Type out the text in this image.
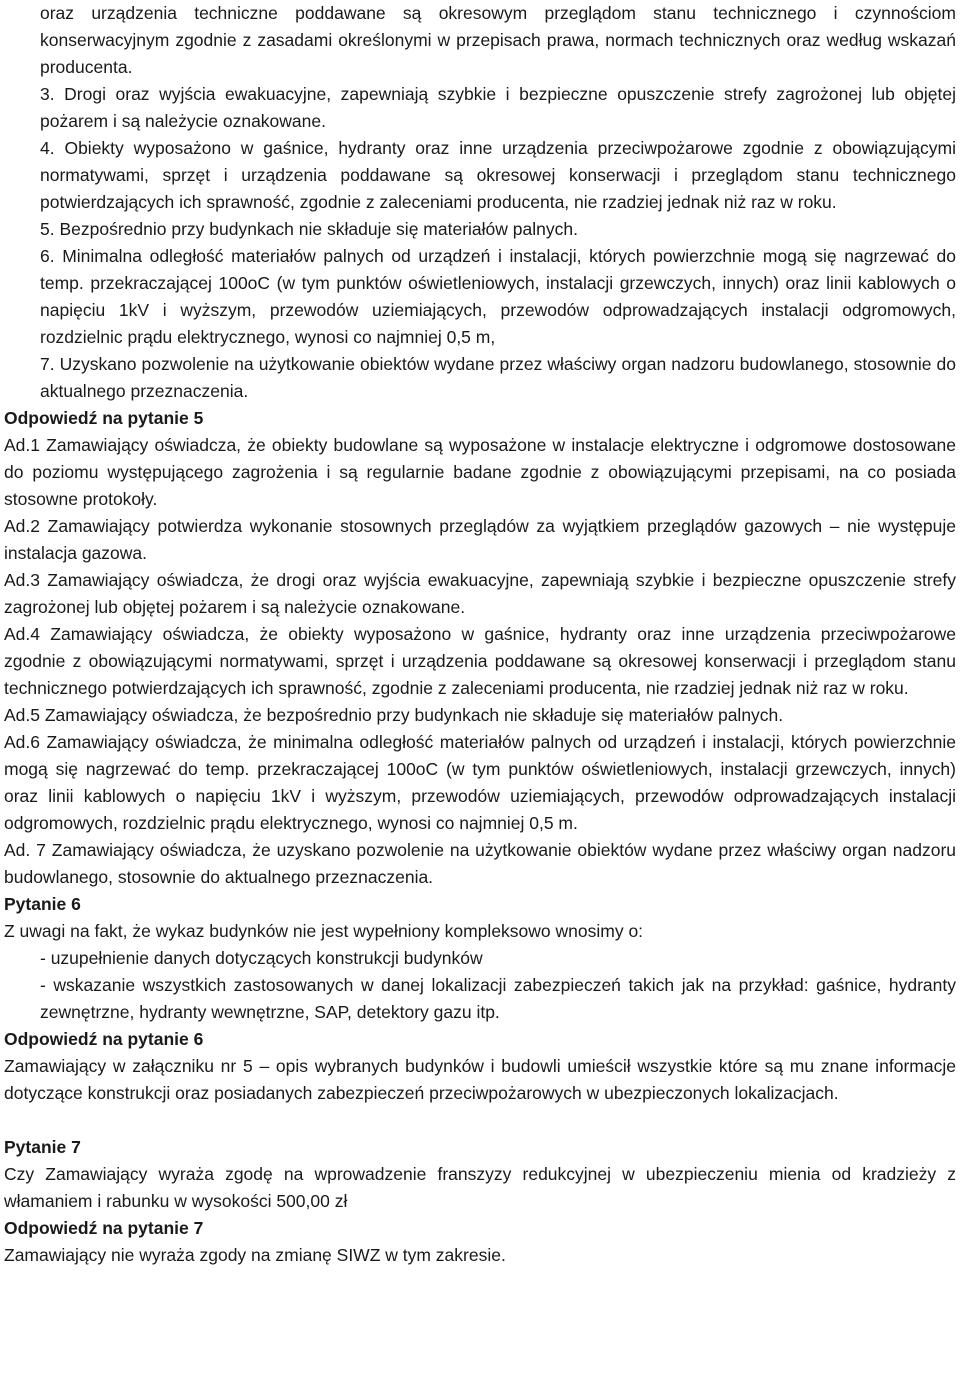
oraz urządzenia techniczne poddawane są okresowym przeglądom stanu technicznego i czynnościom konserwacyjnym zgodnie z zasadami określonymi w przepisach prawa, normach technicznych oraz według wskazań producenta.

3. Drogi oraz wyjścia ewakuacyjne, zapewniają szybkie i bezpieczne opuszczenie strefy zagrożonej lub objętej pożarem i są należycie oznakowane.

4. Obiekty wyposażono w gaśnice, hydranty oraz inne urządzenia przeciwpożarowe zgodnie z obowiązującymi normatywami, sprzęt i urządzenia poddawane są okresowej konserwacji i przeglądom stanu technicznego potwierdzających ich sprawność, zgodnie z zaleceniami producenta, nie rzadziej jednak niż raz w roku.

5. Bezpośrednio przy budynkach nie składuje się materiałów palnych.

6. Minimalna odległość materiałów palnych od urządzeń i instalacji, których powierzchnie mogą się nagrzewać do temp. przekraczającej 100oC (w tym punktów oświetleniowych, instalacji grzewczych, innych) oraz linii kablowych o napięciu 1kV i wyższym, przewodów uziemiających, przewodów odprowadzających instalacji odgromowych, rozdzielnic prądu elektrycznego, wynosi co najmniej 0,5 m,

7. Uzyskano pozwolenie na użytkowanie obiektów wydane przez właściwy organ nadzoru budowlanego, stosownie do aktualnego przeznaczenia.

Odpowiedź na pytanie 5

Ad.1 Zamawiający oświadcza, że obiekty budowlane są wyposażone w instalacje elektryczne i odgromowe dostosowane do poziomu występującego zagrożenia i są regularnie badane zgodnie z obowiązującymi przepisami, na co posiada stosowne protokoły.

Ad.2 Zamawiający potwierdza wykonanie stosownych przeglądów za wyjątkiem przeglądów gazowych – nie występuje instalacja gazowa.

Ad.3 Zamawiający oświadcza, że drogi oraz wyjścia ewakuacyjne, zapewniają szybkie i bezpieczne opuszczenie strefy zagrożonej lub objętej pożarem i są należycie oznakowane.

Ad.4 Zamawiający oświadcza, że obiekty wyposażono w gaśnice, hydranty oraz inne urządzenia przeciwpożarowe zgodnie z obowiązującymi normatywami, sprzęt i urządzenia poddawane są okresowej konserwacji i przeglądom stanu technicznego potwierdzających ich sprawność, zgodnie z zaleceniami producenta, nie rzadziej jednak niż raz w roku.

Ad.5 Zamawiający oświadcza, że bezpośrednio przy budynkach nie składuje się materiałów palnych.

Ad.6 Zamawiający oświadcza, że minimalna odległość materiałów palnych od urządzeń i instalacji, których powierzchnie mogą się nagrzewać do temp. przekraczającej 100oC (w tym punktów oświetleniowych, instalacji grzewczych, innych) oraz linii kablowych o napięciu 1kV i wyższym, przewodów uziemiających, przewodów odprowadzających instalacji odgromowych, rozdzielnic prądu elektrycznego, wynosi co najmniej 0,5 m.

Ad. 7 Zamawiający oświadcza, że uzyskano pozwolenie na użytkowanie obiektów wydane przez właściwy organ nadzoru budowlanego, stosownie do aktualnego przeznaczenia.

Pytanie 6

Z uwagi na fakt, że wykaz budynków nie jest wypełniony kompleksowo wnosimy o:

- uzupełnienie danych dotyczących konstrukcji budynków

- wskazanie wszystkich zastosowanych w danej lokalizacji zabezpieczeń takich jak na przykład: gaśnice, hydranty zewnętrzne, hydranty wewnętrzne, SAP, detektory gazu itp.

Odpowiedź na pytanie 6

Zamawiający w załączniku nr 5 – opis wybranych budynków i budowli umieścił wszystkie które są mu znane informacje dotyczące konstrukcji oraz posiadanych zabezpieczeń przeciwpożarowych w ubezpieczonych lokalizacjach.

Pytanie 7

Czy Zamawiający wyraża zgodę na wprowadzenie franszyzy redukcyjnej w ubezpieczeniu mienia od kradzieży z włamaniem i rabunku w wysokości 500,00 zł

Odpowiedź na pytanie 7

Zamawiający nie wyraża zgody na zmianę SIWZ w tym zakresie.
